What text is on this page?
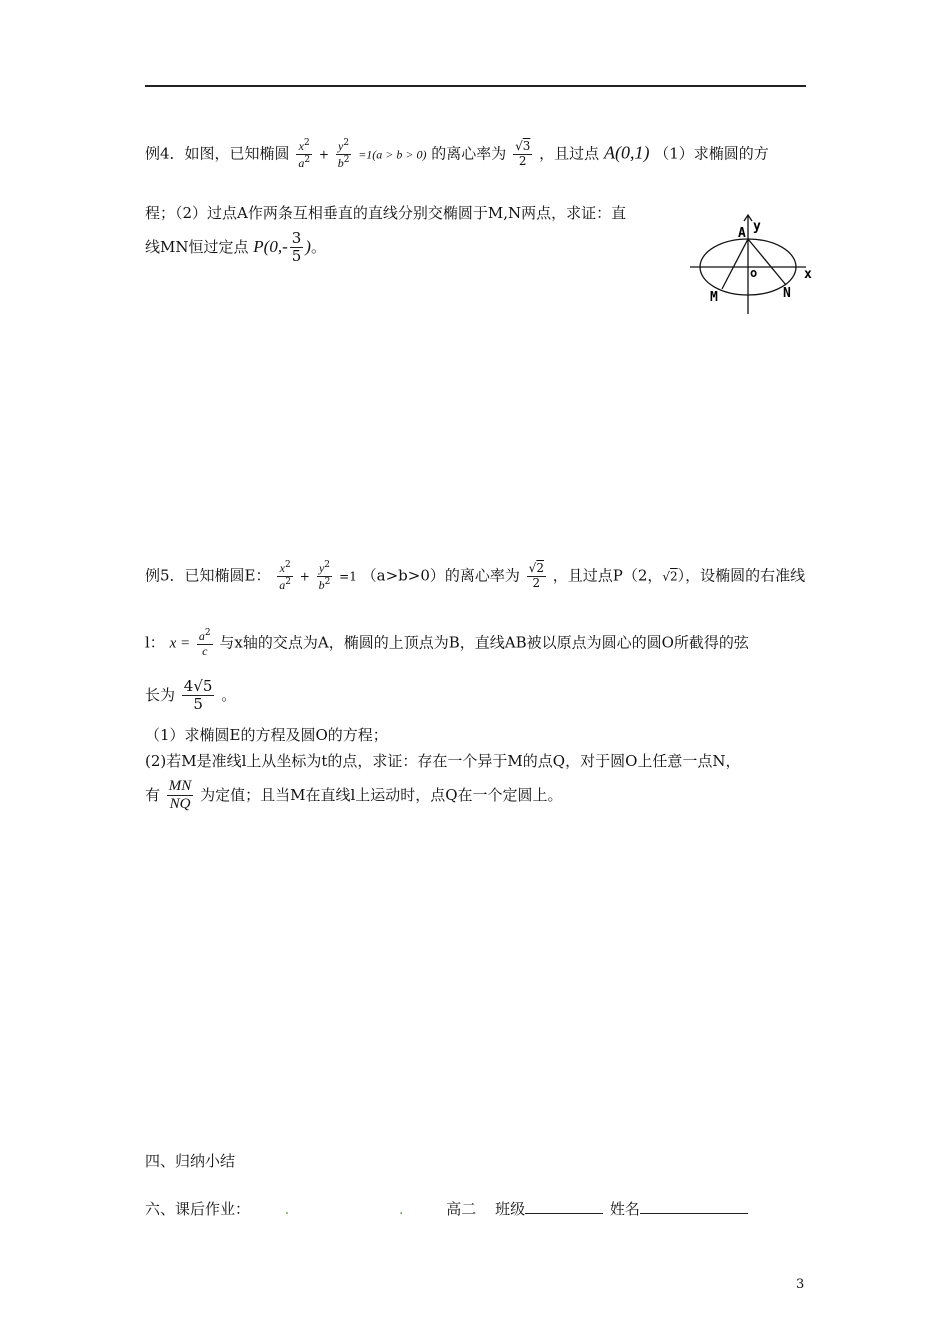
例4．如图，已知椭圆 $\frac{x^2}{a^2} + \frac{y^2}{b^2} =1(a > b > 0)$ 的离心率为 $\frac{√3}{2}$ ，且过点 A(0,1) （1）求椭圆的方
程；（2）过点A作两条互相垂直的直线分别交椭圆于M,N两点，求证：直
线MN恒过定点 $P(0,- \frac{3}{5}$ )。
A y
o	x
M	N
例5．已知椭圆E： $\frac{x^2}{a^2} + \frac{y^2}{b^2} =1$ （a>b>0）的离心率为 $\frac{√2}{2}$ ，且过点P（2，√2），设椭圆的右准线
l： $x = \frac{a^2}{c}$ 与x轴的交点为A，椭圆的上顶点为B，直线AB被以原点为圆心的圆O所截得的弦
长为 $\frac{4√5}{5}$ 。
（1）求椭圆E的方程及圆O的方程；
(2)若M是准线l上从坐标为t的点，求证：存在一个异于M的点Q，对于圆O上任意一点N，
有 $\frac{MN}{NQ}$ 为定值；且当M在直线l上运动时，点Q在一个定圆上。
四、归纳小结
六、课后作业： .	.	高二 班级	姓名
3
